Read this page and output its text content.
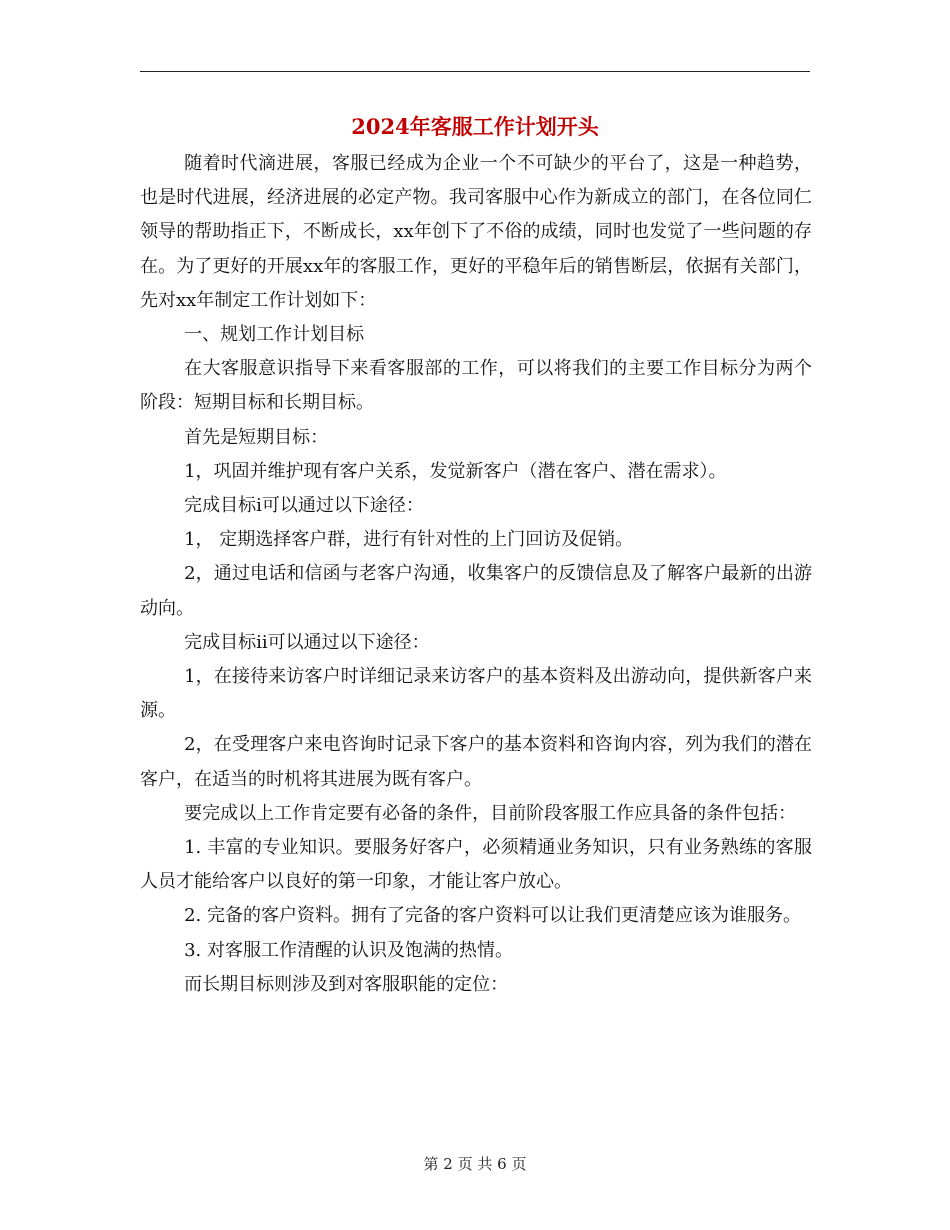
2024年客服工作计划开头

随着时代滴进展，客服已经成为企业一个不可缺少的平台了，这是一种趋势，也是时代进展，经济进展的必定产物。我司客服中心作为新成立的部门，在各位同仁领导的帮助指正下，不断成长，xx年创下了不俗的成绩，同时也发觉了一些问题的存在。为了更好的开展xx年的客服工作，更好的平稳年后的销售断层，依据有关部门，先对xx年制定工作计划如下：

一、规划工作计划目标

在大客服意识指导下来看客服部的工作，可以将我们的主要工作目标分为两个阶段：短期目标和长期目标。

首先是短期目标：

1，巩固并维护现有客户关系，发觉新客户（潜在客户、潜在需求）。

完成目标i可以通过以下途径：

1， 定期选择客户群，进行有针对性的上门回访及促销。

2，通过电话和信函与老客户沟通，收集客户的反馈信息及了解客户最新的出游动向。

完成目标ii可以通过以下途径：

1，在接待来访客户时详细记录来访客户的基本资料及出游动向，提供新客户来源。

2，在受理客户来电咨询时记录下客户的基本资料和咨询内容，列为我们的潜在客户，在适当的时机将其进展为既有客户。

要完成以上工作肯定要有必备的条件，目前阶段客服工作应具备的条件包括：

1. 丰富的专业知识。要服务好客户，必须精通业务知识，只有业务熟练的客服人员才能给客户以良好的第一印象，才能让客户放心。

2. 完备的客户资料。拥有了完备的客户资料可以让我们更清楚应该为谁服务。

3. 对客服工作清醒的认识及饱满的热情。

而长期目标则涉及到对客服职能的定位：

第 2 页 共 6 页
